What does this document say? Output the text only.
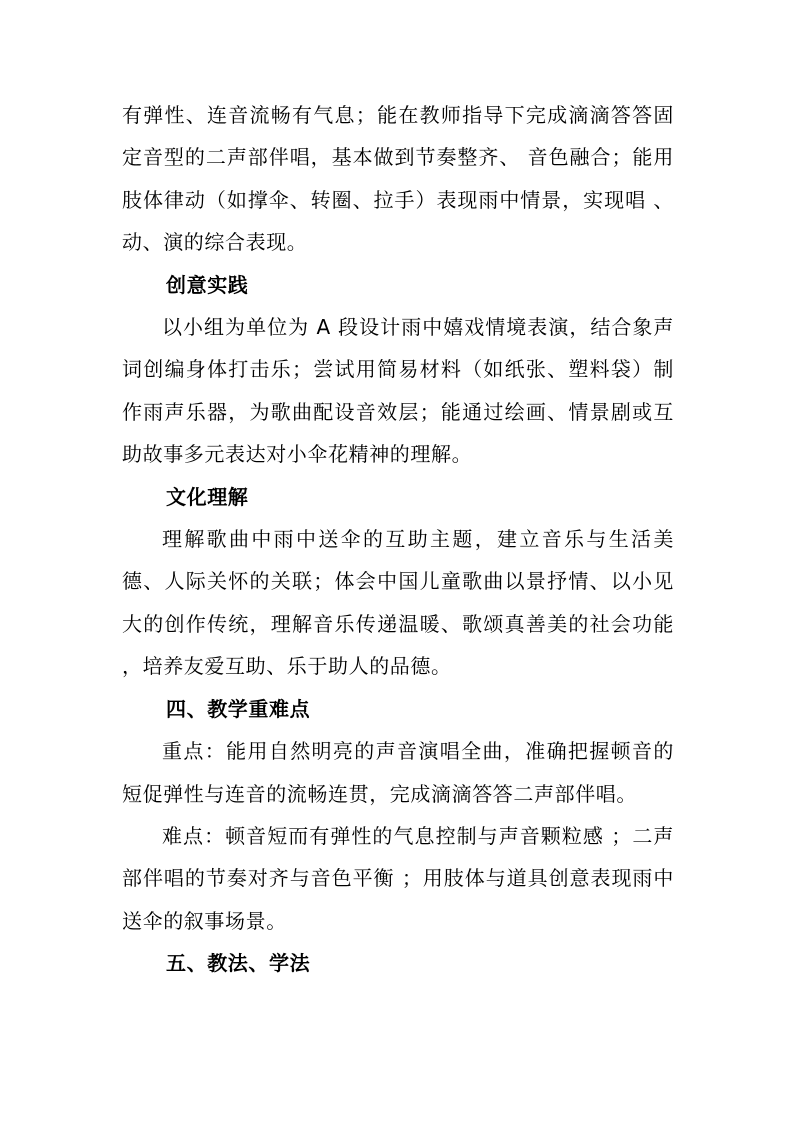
有弹性、连音流畅有气息；能在教师指导下完成滴滴答答固定音型的二声部伴唱，基本做到节奏整齐、 音色融合；能用肢体律动（如撑伞、转圈、拉手）表现雨中情景，实现唱 、动、演的综合表现。

创意实践

以小组为单位为 A 段设计雨中嬉戏情境表演，结合象声词创编身体打击乐；尝试用简易材料（如纸张、塑料袋）制作雨声乐器，为歌曲配设音效层；能通过绘画、情景剧或互助故事多元表达对小伞花精神的理解。

文化理解

理解歌曲中雨中送伞的互助主题，建立音乐与生活美德、人际关怀的关联；体会中国儿童歌曲以景抒情、以小见大的创作传统，理解音乐传递温暖、歌颂真善美的社会功能 ，培养友爱互助、乐于助人的品德。

四、教学重难点

重点：能用自然明亮的声音演唱全曲，准确把握顿音的短促弹性与连音的流畅连贯，完成滴滴答答二声部伴唱。

难点：顿音短而有弹性的气息控制与声音颗粒感 ；二声部伴唱的节奏对齐与音色平衡 ；用肢体与道具创意表现雨中送伞的叙事场景。

五、教法、学法
